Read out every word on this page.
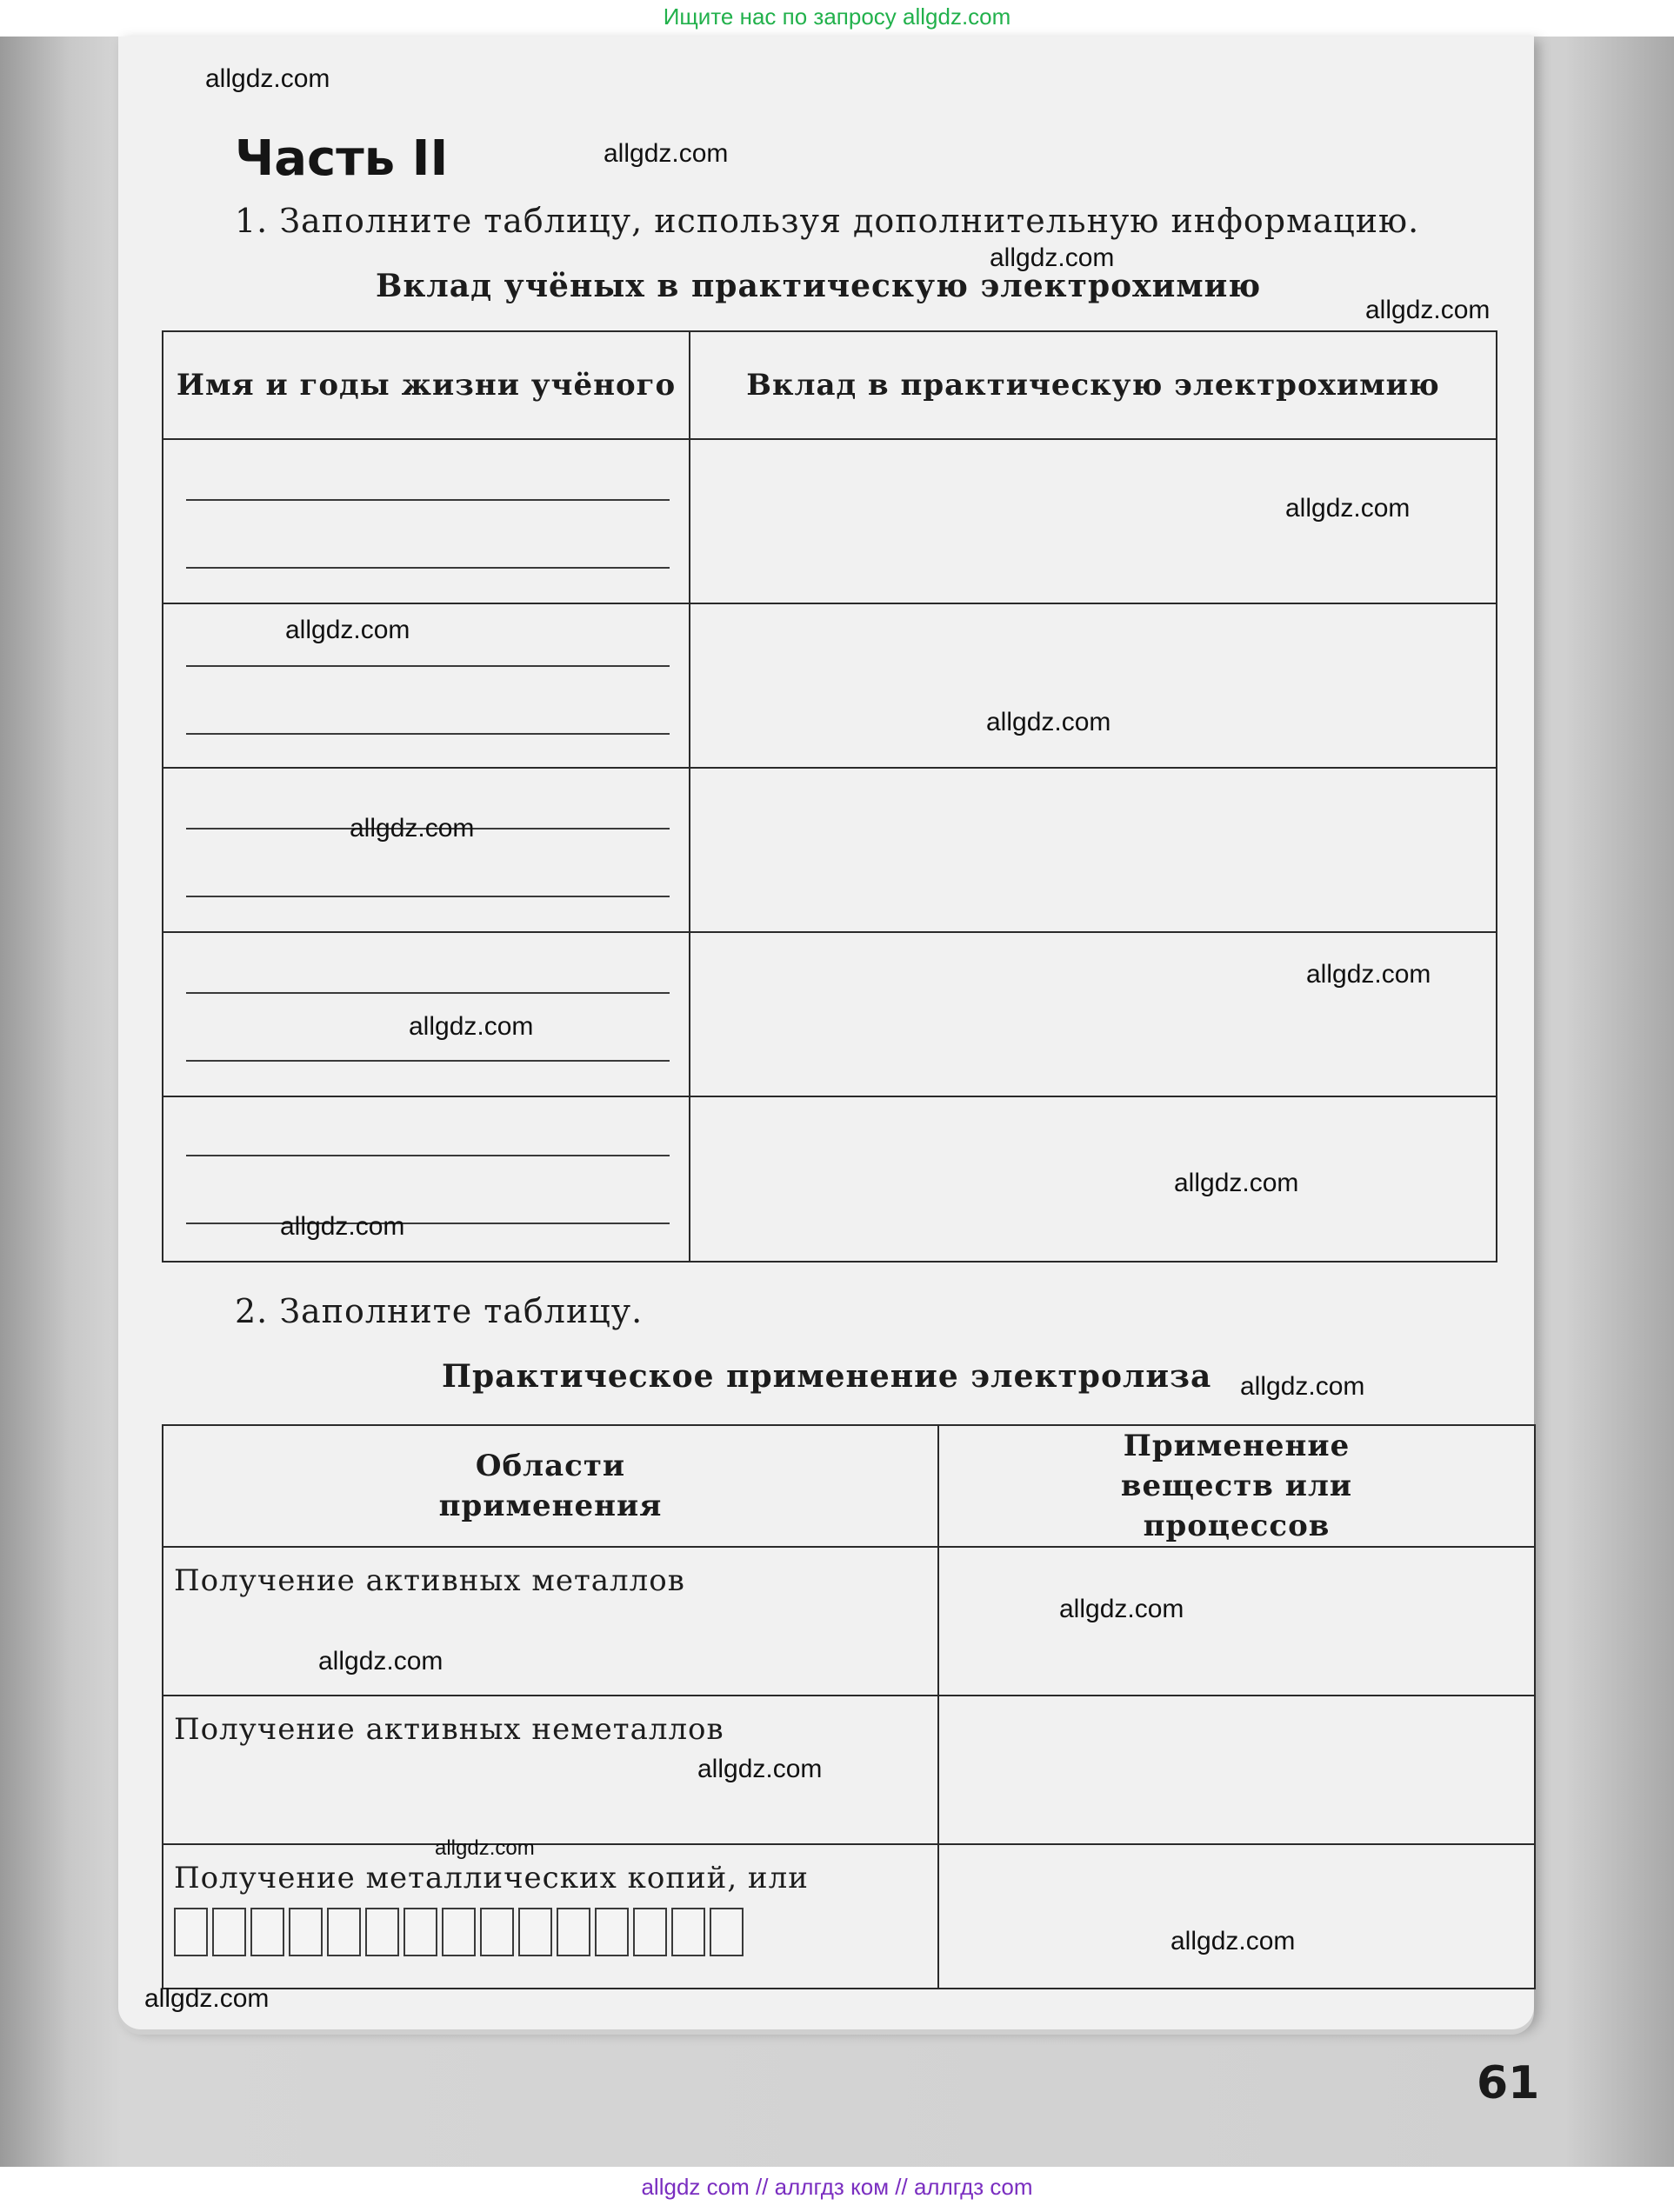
Ищите нас по запросу allgdz.com
Часть II
1. Заполните таблицу, используя дополнительную информацию.
Вклад учёных в практическую электрохимию
Имя и годы жизни учёного	Вклад в практическую электрохимию

2. Заполните таблицу.
Практическое применение электролиза
Области применения	Применение веществ или процессов

Получение активных металлов	

Получение активных неметаллов	

Получение металлических копий, или	

allgdz.com
allgdz.com
allgdz.com
allgdz.com
allgdz.com
allgdz.com
allgdz.com
allgdz.com
allgdz.com
allgdz.com
allgdz.com
allgdz.com
allgdz.com
allgdz.com
allgdz.com
allgdz.com
allgdz.com
allgdz.com
allgdz.com
61
allgdz com // аллгдз ком // аллгдз com
